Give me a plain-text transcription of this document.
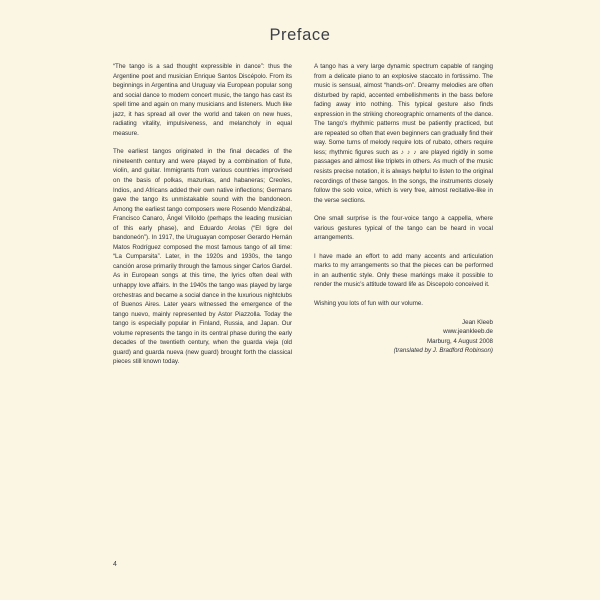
Preface

“The tango is a sad thought expressible in dance”: thus the Argentine poet and musician Enrique Santos Discépolo. From its beginnings in Argentina and Uruguay via European popular song and social dance to modern concert music, the tango has cast its spell time and again on many musicians and listeners. Much like jazz, it has spread all over the world and taken on new hues, radiating vitality, impulsiveness, and melancholy in equal measure.

The earliest tangos originated in the final decades of the nineteenth century and were played by a combination of flute, violin, and guitar. Immigrants from various countries improvised on the basis of polkas, mazurkas, and habaneras; Creoles, Indios, and Africans added their own native inflections; Germans gave the tango its unmistakable sound with the bandoneon. Among the earliest tango composers were Rosendo Mendizábal, Francisco Canaro, Ángel Villoldo (perhaps the leading musician of this early phase), and Eduardo Arolas (“El tigre del bandoneón”). In 1917, the Uruguayan composer Gerardo Hernán Matos Rodríguez composed the most famous tango of all time: “La Cumparsita”. Later, in the 1920s and 1930s, the tango canción arose primarily through the famous singer Carlos Gardel. As in European songs at this time, the lyrics often deal with unhappy love affairs. In the 1940s the tango was played by large orchestras and became a social dance in the luxurious nightclubs of Buenos Aires. Later years witnessed the emergence of the tango nuevo, mainly represented by Astor Piazzolla. Today the tango is especially popular in Finland, Russia, and Japan. Our volume represents the tango in its central phase during the early decades of the twentieth century, when the guarda vieja (old guard) and guarda nueva (new guard) brought forth the classical pieces still known today.

A tango has a very large dynamic spectrum capable of ranging from a delicate piano to an explosive staccato in fortissimo. The music is sensual, almost “hands-on”. Dreamy melodies are often disturbed by rapid, accented embellishments in the bass before fading away into nothing. This typical gesture also finds expression in the striking choreographic ornaments of the dance. The tango’s rhythmic patterns must be patiently practiced, but are repeated so often that even beginners can gradually find their way. Some turns of melody require lots of rubato, others require less; rhythmic figures such as ♪ ♪ ♪ are played rigidly in some passages and almost like triplets in others. As much of the music resists precise notation, it is always helpful to listen to the original recordings of these tangos. In the songs, the instruments closely follow the solo voice, which is very free, almost recitative-like in the verse sections.

One small surprise is the four-voice tango a cappella, where various gestures typical of the tango can be heard in vocal arrangements.

I have made an effort to add many accents and articulation marks to my arrangements so that the pieces can be performed in an authentic style. Only these markings make it possible to render the music’s attitude toward life as Discepolo conceived it.

Wishing you lots of fun with our volume.

Jean Kleeb

www.jeankleeb.de

Marburg, 4 August 2008

(translated by J. Bradford Robinson)

4
